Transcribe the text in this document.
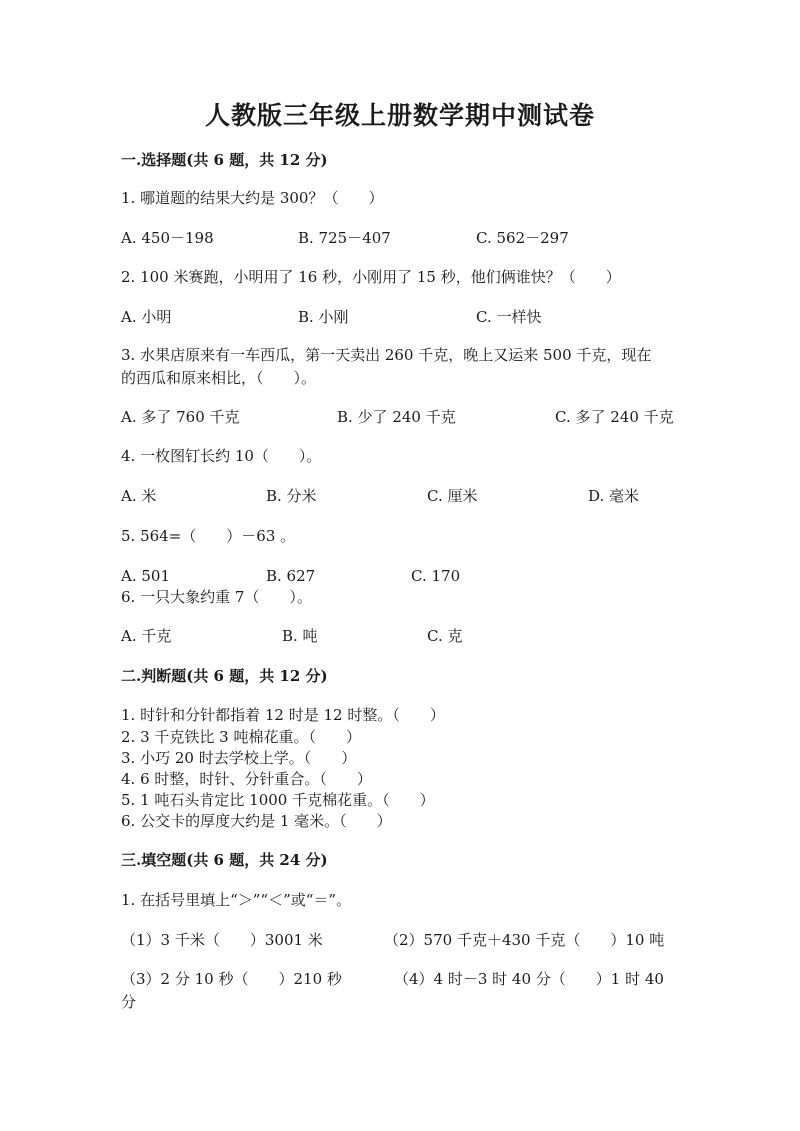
人教版三年级上册数学期中测试卷
一.选择题(共 6 题，共 12 分)
1. 哪道题的结果大约是 300？（　　）
A. 450－198	B. 725－407	C. 562－297
2. 100 米赛跑，小明用了 16 秒，小刚用了 15 秒，他们俩谁快？（　　）
A. 小明	B. 小刚	C. 一样快
3. 水果店原来有一车西瓜，第一天卖出 260 千克，晚上又运来 500 千克，现在
的西瓜和原来相比，（　　）。
A. 多了 760 千克	B. 少了 240 千克	C. 多了 240 千克
4. 一枚图钉长约 10（　　）。
A. 米	B. 分米	C. 厘米	D. 毫米
5. 564=（　　）－63 。
A. 501	B. 627	C. 170
6. 一只大象约重 7（　　）。
A. 千克	B. 吨	C. 克
二.判断题(共 6 题，共 12 分)
1. 时针和分针都指着 12 时是 12 时整。（　　）
2. 3 千克铁比 3 吨棉花重。（　　）
3. 小巧 20 时去学校上学。（　　）
4. 6 时整，时针、分针重合。（　　）
5. 1 吨石头肯定比 1000 千克棉花重。（　　）
6. 公交卡的厚度大约是 1 毫米。（　　）
三.填空题(共 6 题，共 24 分)
1. 在括号里填上“＞”“＜”或“＝”。
（1）3 千米（　　）3001 米	（2）570 千克＋430 千克（　　）10 吨
（3）2 分 10 秒（　　）210 秒	（4）4 时－3 时 40 分（　　）1 时 40
分
